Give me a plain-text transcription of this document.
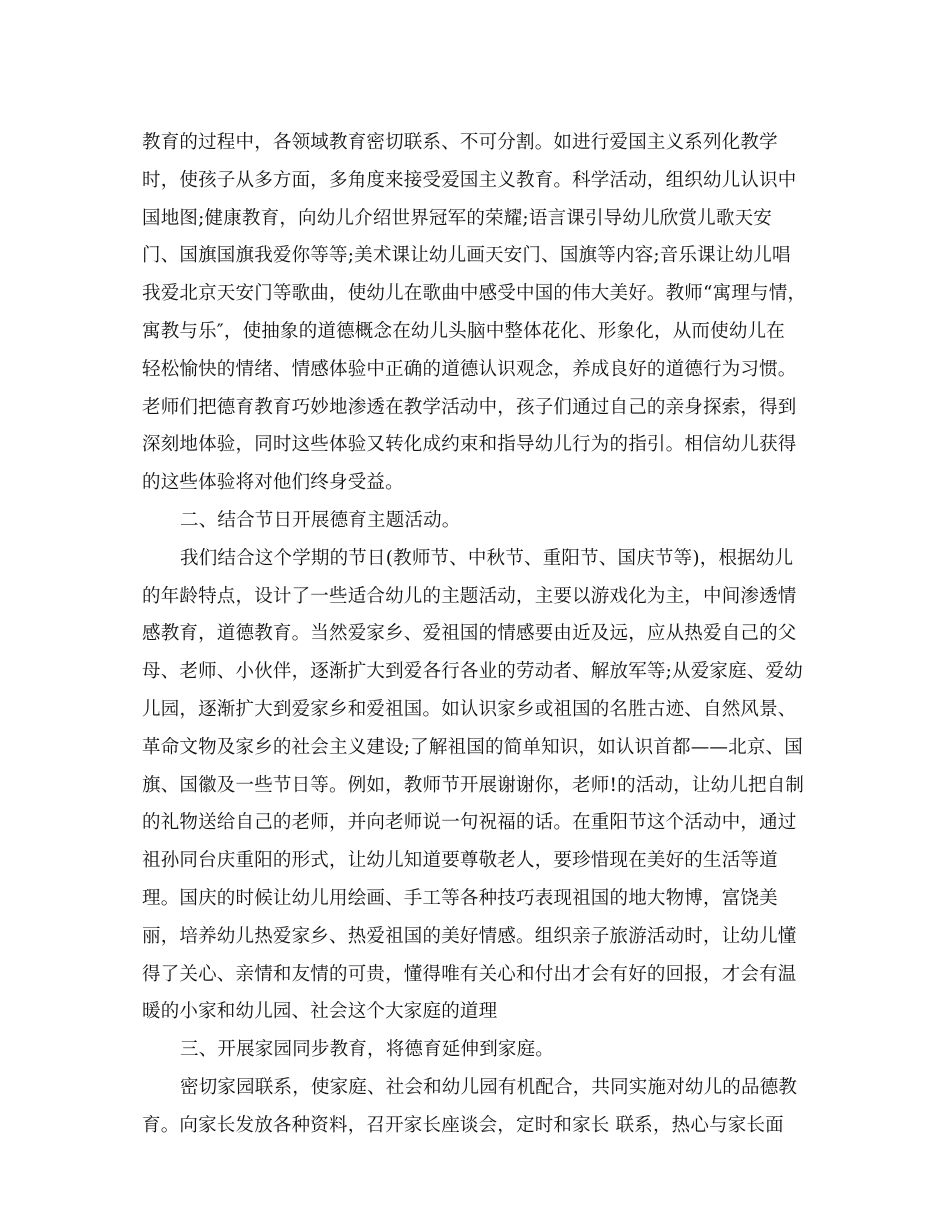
教育的过程中，各领域教育密切联系、不可分割。如进行爱国主义系列化教学
时，使孩子从多方面，多角度来接受爱国主义教育。科学活动，组织幼儿认识中
国地图;健康教育，向幼儿介绍世界冠军的荣耀;语言课引导幼儿欣赏儿歌天安
门、国旗国旗我爱你等等;美术课让幼儿画天安门、国旗等内容;音乐课让幼儿唱
我爱北京天安门等歌曲，使幼儿在歌曲中感受中国的伟大美好。教师“寓理与情，
寓教与乐″，使抽象的道德概念在幼儿头脑中整体花化、形象化，从而使幼儿在
轻松愉快的情绪、情感体验中正确的道德认识观念，养成良好的道德行为习惯。
老师们把德育教育巧妙地渗透在教学活动中，孩子们通过自己的亲身探索，得到
深刻地体验，同时这些体验又转化成约束和指导幼儿行为的指引。相信幼儿获得
的这些体验将对他们终身受益。
二、结合节日开展德育主题活动。
我们结合这个学期的节日(教师节、中秋节、重阳节、国庆节等)，根据幼儿
的年龄特点，设计了一些适合幼儿的主题活动，主要以游戏化为主，中间渗透情
感教育，道德教育。当然爱家乡、爱祖国的情感要由近及远，应从热爱自己的父
母、老师、小伙伴，逐渐扩大到爱各行各业的劳动者、解放军等;从爱家庭、爱幼
儿园，逐渐扩大到爱家乡和爱祖国。如认识家乡或祖国的名胜古迹、自然风景、
革命文物及家乡的社会主义建设;了解祖国的简单知识，如认识首都——北京、国
旗、国徽及一些节日等。例如，教师节开展谢谢你，老师!的活动，让幼儿把自制
的礼物送给自己的老师，并向老师说一句祝福的话。在重阳节这个活动中，通过
祖孙同台庆重阳的形式，让幼儿知道要尊敬老人，要珍惜现在美好的生活等道
理。国庆的时候让幼儿用绘画、手工等各种技巧表现祖国的地大物博，富饶美
丽，培养幼儿热爱家乡、热爱祖国的美好情感。组织亲子旅游活动时，让幼儿懂
得了关心、亲情和友情的可贵，懂得唯有关心和付出才会有好的回报，才会有温
暖的小家和幼儿园、社会这个大家庭的道理
三、开展家园同步教育，将德育延伸到家庭。
密切家园联系，使家庭、社会和幼儿园有机配合，共同实施对幼儿的品德教
育。向家长发放各种资料，召开家长座谈会，定时和家长 联系，热心与家长面
